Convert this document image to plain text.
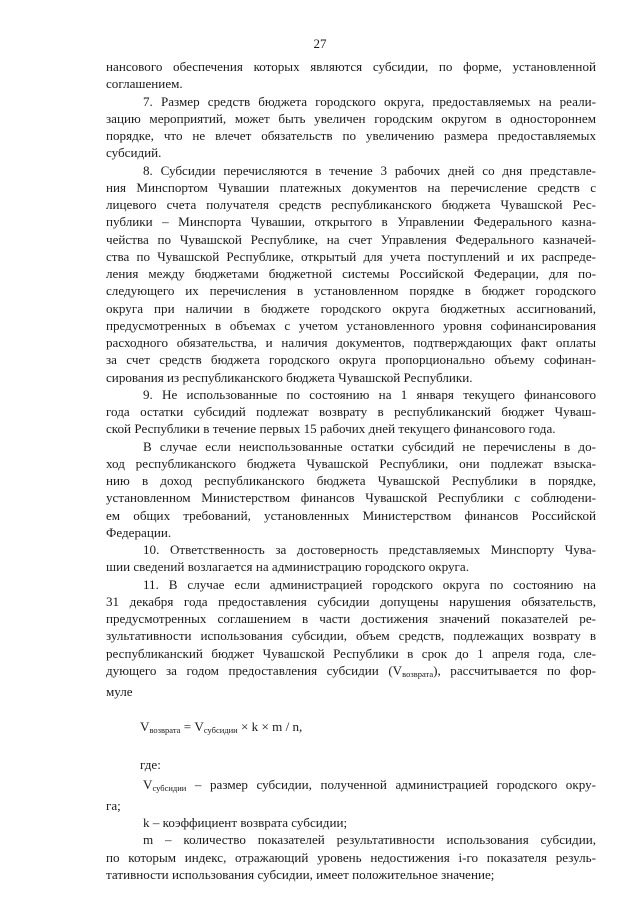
27
нансового обеспечения которых являются субсидии, по форме, установленной
соглашением.
7. Размер средств бюджета городского округа, предоставляемых на реали-
зацию мероприятий, может быть увеличен городским округом в одностороннем
порядке, что не влечет обязательств по увеличению размера предоставляемых
субсидий.
8. Субсидии перечисляются в течение 3 рабочих дней со дня представле-
ния Минспортом Чувашии платежных документов на перечисление средств с
лицевого счета получателя средств республиканского бюджета Чувашской Рес-
публики – Минспорта Чувашии, открытого в Управлении Федерального казна-
чейства по Чувашской Республике, на счет Управления Федерального казначей-
ства по Чувашской Республике, открытый для учета поступлений и их распреде-
ления между бюджетами бюджетной системы Российской Федерации, для по-
следующего их перечисления в установленном порядке в бюджет городского
округа при наличии в бюджете городского округа бюджетных ассигнований,
предусмотренных в объемах с учетом установленного уровня софинансирования
расходного обязательства, и наличия документов, подтверждающих факт оплаты
за счет средств бюджета городского округа пропорционально объему софинан-
сирования из республиканского бюджета Чувашской Республики.
9. Не использованные по состоянию на 1 января текущего финансового
года остатки субсидий подлежат возврату в республиканский бюджет Чуваш-
ской Республики в течение первых 15 рабочих дней текущего финансового года.
В случае если неиспользованные остатки субсидий не перечислены в до-
ход республиканского бюджета Чувашской Республики, они подлежат взыска-
нию в доход республиканского бюджета Чувашской Республики в порядке,
установленном Министерством финансов Чувашской Республики с соблюдени-
ем общих требований, установленных Министерством финансов Российской
Федерации.
10. Ответственность за достоверность представляемых Минспорту Чува-
шии сведений возлагается на администрацию городского округа.
11. В случае если администрацией городского округа по состоянию на
31 декабря года предоставления субсидии допущены нарушения обязательств,
предусмотренных соглашением в части достижения значений показателей ре-
зультативности использования субсидии, объем средств, подлежащих возврату в
республиканский бюджет Чувашской Республики в срок до 1 апреля года, сле-
дующего за годом предоставления субсидии $(V_{возврата})$, рассчитывается по фор-
муле
$V_{возврата} = V_{субсидии} \times k \times m / n$,
где:
$V_{субсидии}$ – размер субсидии, полученной администрацией городского окру-
га;
k – коэффициент возврата субсидии;
m – количество показателей результативности использования субсидии,
по которым индекс, отражающий уровень недостижения i-го показателя резуль-
тативности использования субсидии, имеет положительное значение;
